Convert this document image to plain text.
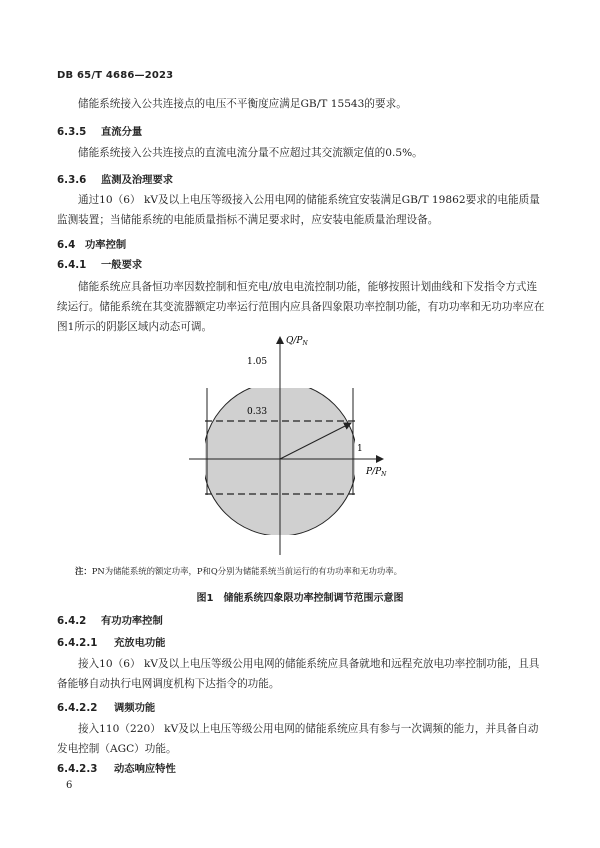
DB 65/T 4686—2023
储能系统接入公共连接点的电压不平衡度应满足GB/T 15543的要求。
6.3.5 直流分量
储能系统接入公共连接点的直流电流分量不应超过其交流额定值的0.5%。
6.3.6 监测及治理要求
通过10（6） kV及以上电压等级接入公用电网的储能系统宜安装满足GB/T 19862要求的电能质量监测装置；当储能系统的电能质量指标不满足要求时，应安装电能质量治理设备。
6.4 功率控制
6.4.1 一般要求
储能系统应具备恒功率因数控制和恒充电/放电电流控制功能，能够按照计划曲线和下发指令方式连续运行。储能系统在其变流器额定功率运行范围内应具备四象限功率控制功能，有功功率和无功功率应在图1所示的阴影区域内动态可调。
$Q/P_N$
$P/P_N$
1.05
0.33
1
注：PN为储能系统的额定功率，P和Q分别为储能系统当前运行的有功功率和无功功率。
图1　储能系统四象限功率控制调节范围示意图
6.4.2 有功功率控制
6.4.2.1 充放电功能
接入10（6） kV及以上电压等级公用电网的储能系统应具备就地和远程充放电功率控制功能，且具备能够自动执行电网调度机构下达指令的功能。
6.4.2.2 调频功能
接入110（220） kV及以上电压等级公用电网的储能系统应具有参与一次调频的能力，并具备自动发电控制（AGC）功能。
6.4.2.3 动态响应特性
6
